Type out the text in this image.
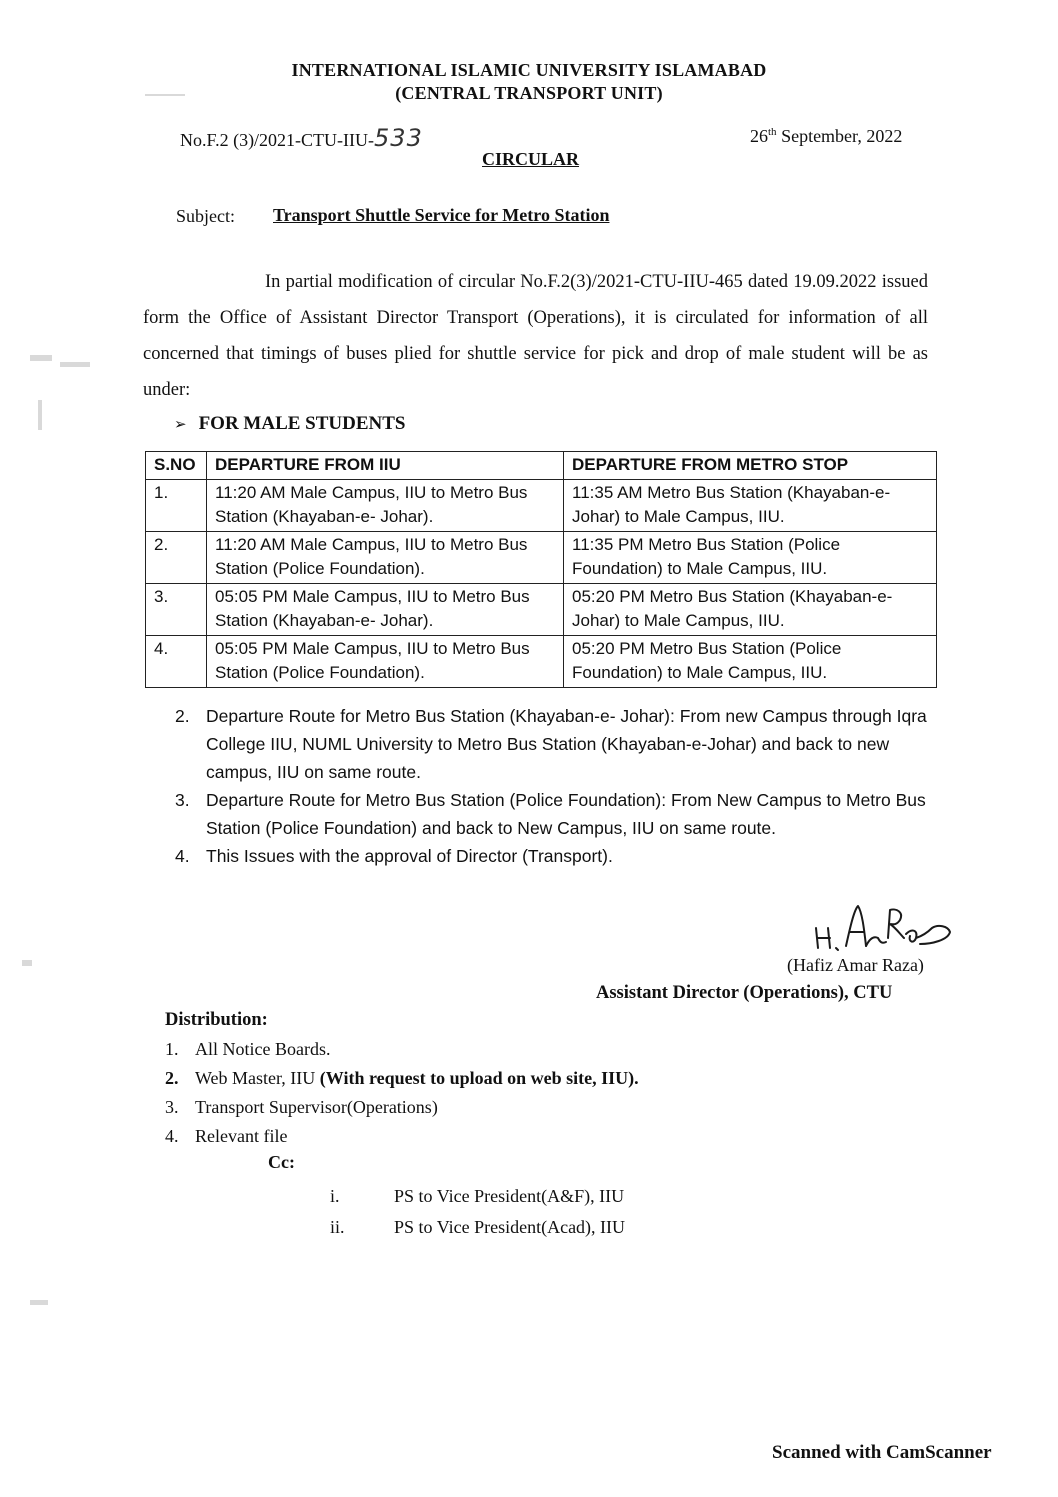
INTERNATIONAL ISLAMIC UNIVERSITY ISLAMABAD
(CENTRAL TRANSPORT UNIT)
No.F.2 (3)/2021-CTU-IIU-533	26th September, 2022
CIRCULAR
Subject: Transport Shuttle Service for Metro Station
In partial modification of circular No.F.2(3)/2021-CTU-IIU-465 dated 19.09.2022 issued form the Office of Assistant Director Transport (Operations), it is circulated for information of all concerned that timings of buses plied for shuttle service for pick and drop of male student will be as under:
➢ FOR MALE STUDENTS
S.NO	DEPARTURE FROM IIU	DEPARTURE FROM METRO STOP
1.	11:20 AM Male Campus, IIU to Metro Bus Station (Khayaban-e- Johar).	11:35 AM Metro Bus Station (Khayaban-e- Johar) to Male Campus, IIU.
2.	11:20 AM Male Campus, IIU to Metro Bus Station (Police Foundation).	11:35 PM Metro Bus Station (Police Foundation) to Male Campus, IIU.
3.	05:05 PM Male Campus, IIU to Metro Bus Station (Khayaban-e- Johar).	05:20 PM Metro Bus Station (Khayaban-e- Johar) to Male Campus, IIU.
4.	05:05 PM Male Campus, IIU to Metro Bus Station (Police Foundation).	05:20 PM Metro Bus Station (Police Foundation) to Male Campus, IIU.
2. Departure Route for Metro Bus Station (Khayaban-e- Johar): From new Campus through Iqra College IIU, NUML University to Metro Bus Station (Khayaban-e-Johar) and back to new campus, IIU on same route.
3. Departure Route for Metro Bus Station (Police Foundation): From New Campus to Metro Bus Station (Police Foundation) and back to New Campus, IIU on same route.
4. This Issues with the approval of Director (Transport).
(Hafiz Amar Raza)
Assistant Director (Operations), CTU
Distribution:
1. All Notice Boards.
2. Web Master, IIU (With request to upload on web site, IIU).
3. Transport Supervisor(Operations)
4. Relevant file
Cc:
i.	PS to Vice President(A&F), IIU
ii.	PS to Vice President(Acad), IIU
Scanned with CamScanner
